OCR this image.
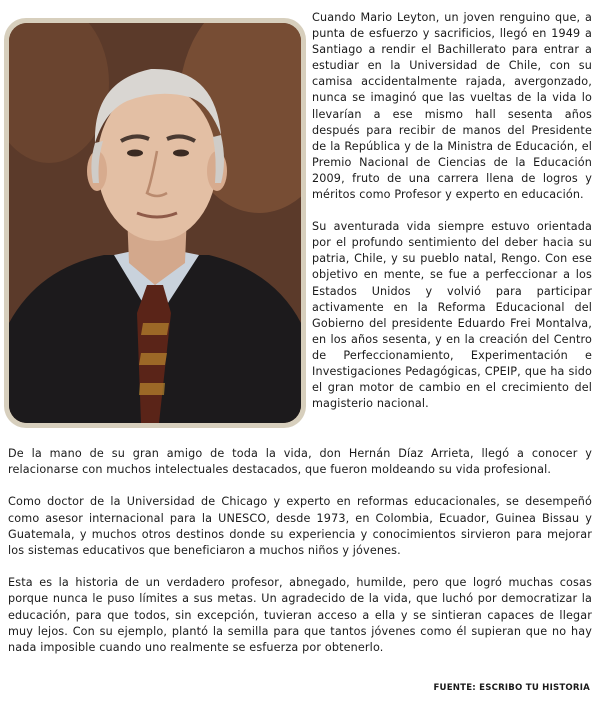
Cuando Mario Leyton, un joven renguino que, a punta de esfuerzo y sacrificios, llegó en 1949 a Santiago a rendir el Bachillerato para entrar a estudiar en la Universidad de Chile, con su camisa accidentalmente rajada, avergonzado, nunca se imaginó que las vueltas de la vida lo llevarían a ese mismo hall sesenta años después para recibir de manos del Presidente de la República y de la Ministra de Educación, el Premio Nacional de Ciencias de la Educación 2009, fruto de una carrera llena de logros y méritos como Profesor y experto en educación.

Su aventurada vida siempre estuvo orientada por el profundo sentimiento del deber hacia su patria, Chile, y su pueblo natal, Rengo. Con ese objetivo en mente, se fue a perfeccionar a los Estados Unidos y volvió para participar activamente en la Reforma Educacional del Gobierno del presidente Eduardo Frei Montalva, en los años sesenta, y en la creación del Centro de Perfeccionamiento, Experimentación e Investigaciones Pedagógicas, CPEIP, que ha sido el gran motor de cambio en el crecimiento del magisterio nacional.

De la mano de su gran amigo de toda la vida, don Hernán Díaz Arrieta, llegó a conocer y relacionarse con muchos intelectuales destacados, que fueron moldeando su vida profesional.

Como doctor de la Universidad de Chicago y experto en reformas educacionales, se desempeñó como asesor internacional para la UNESCO, desde 1973, en Colombia, Ecuador, Guinea Bissau y Guatemala, y muchos otros destinos donde su experiencia y conocimientos sirvieron para mejorar los sistemas educativos que beneficiaron a muchos niños y jóvenes.

Esta es la historia de un verdadero profesor, abnegado, humilde, pero que logró muchas cosas porque nunca le puso límites a sus metas. Un agradecido de la vida, que luchó por democratizar la educación, para que todos, sin excepción, tuvieran acceso a ella y se sintieran capaces de llegar muy lejos. Con su ejemplo, plantó la semilla para que tantos jóvenes como él supieran que no hay nada imposible cuando uno realmente se esfuerza por obtenerlo.

FUENTE: ESCRIBO TU HISTORIA
